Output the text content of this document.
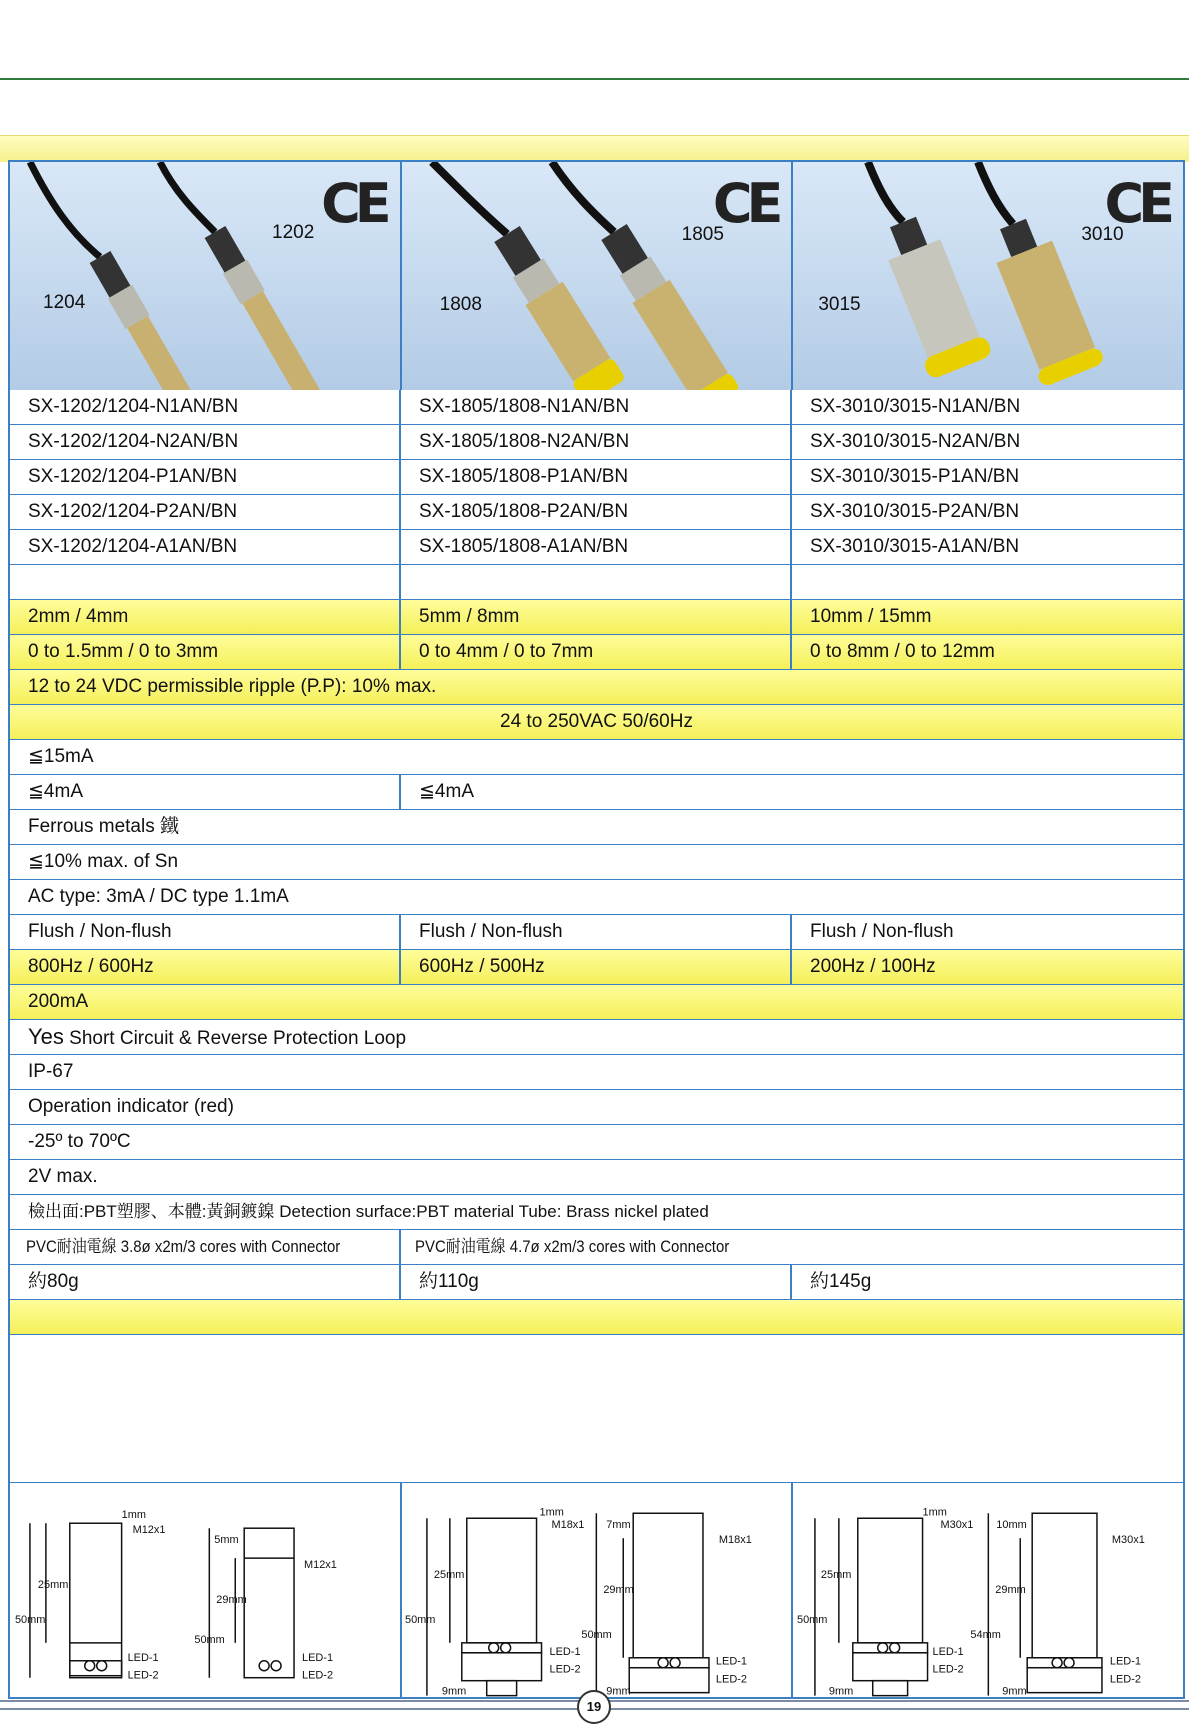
CE
1204
1202	CE
1808
1805	CE
3015
3010
SX-1202/1204-N1AN/BN	SX-1805/1808-N1AN/BN	SX-3010/3015-N1AN/BN
SX-1202/1204-N2AN/BN	SX-1805/1808-N2AN/BN	SX-3010/3015-N2AN/BN
SX-1202/1204-P1AN/BN	SX-1805/1808-P1AN/BN	SX-3010/3015-P1AN/BN
SX-1202/1204-P2AN/BN	SX-1805/1808-P2AN/BN	SX-3010/3015-P2AN/BN
SX-1202/1204-A1AN/BN	SX-1805/1808-A1AN/BN	SX-3010/3015-A1AN/BN
2mm / 4mm	5mm / 8mm	10mm / 15mm
0 to 1.5mm / 0 to 3mm	0 to 4mm / 0 to 7mm	0 to 8mm / 0 to 12mm
12 to 24 VDC permissible ripple (P.P): 10% max.
24 to 250VAC 50/60Hz
≦15mA
≦4mA	≦4mA
Ferrous metals 鐵
≦10% max. of Sn
AC type: 3mA / DC type 1.1mA
Flush / Non-flush	Flush / Non-flush	Flush / Non-flush
800Hz / 600Hz	600Hz / 500Hz	200Hz / 100Hz
200mA
Yes Short Circuit & Reverse Protection Loop
IP-67
Operation indicator (red)
-25º to 70ºC
2V max.
檢出面:PBT塑膠、本體:黃銅鍍鎳 Detection surface:PBT material Tube: Brass nickel plated
PVC耐油電線 3.8ø x2m/3 cores with Connector	PVC耐油電線 4.7ø x2m/3 cores with Connector
約80g	約110g	約145g
1mm
M12x1
25mm
50mm
LED-1
LED-2
5mm
M12x1
29mm
50mm
LED-1
LED-2
1mm
M18x1
25mm
50mm
LED-1
LED-2
9mm
7mm
M18x1
29mm
50mm
LED-1
LED-2
9mm
1mm
M30x1
25mm
50mm
LED-1
LED-2
9mm
10mm
M30x1
29mm
54mm
LED-1
LED-2
9mm
19
